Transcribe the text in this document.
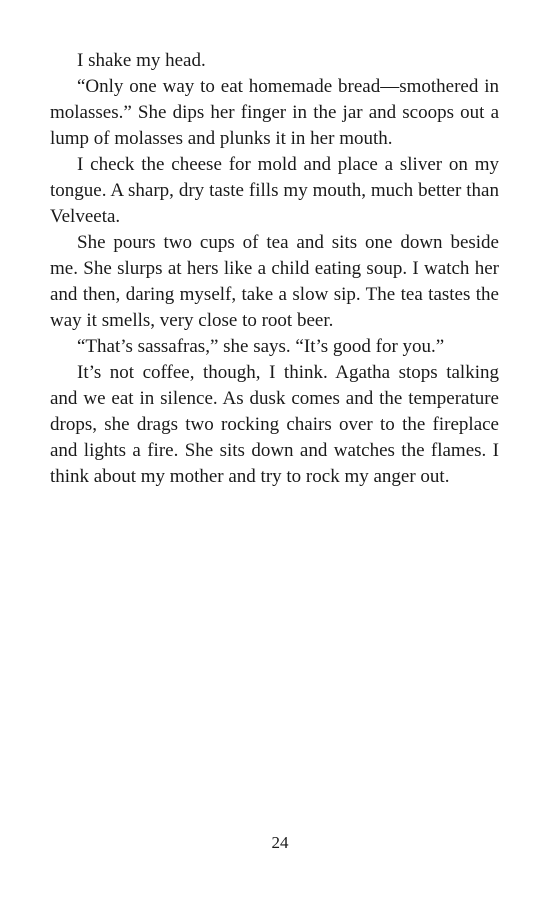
I shake my head.

“Only one way to eat homemade bread—smothered in molasses.” She dips her finger in the jar and scoops out a lump of molasses and plunks it in her mouth.

I check the cheese for mold and place a sliver on my tongue. A sharp, dry taste fills my mouth, much better than Velveeta.

She pours two cups of tea and sits one down beside me. She slurps at hers like a child eating soup. I watch her and then, daring myself, take a slow sip. The tea tastes the way it smells, very close to root beer.

“That’s sassafras,” she says. “It’s good for you.”

It’s not coffee, though, I think. Agatha stops talking and we eat in silence. As dusk comes and the temperature drops, she drags two rocking chairs over to the fireplace and lights a fire. She sits down and watches the flames. I think about my mother and try to rock my anger out.

24
